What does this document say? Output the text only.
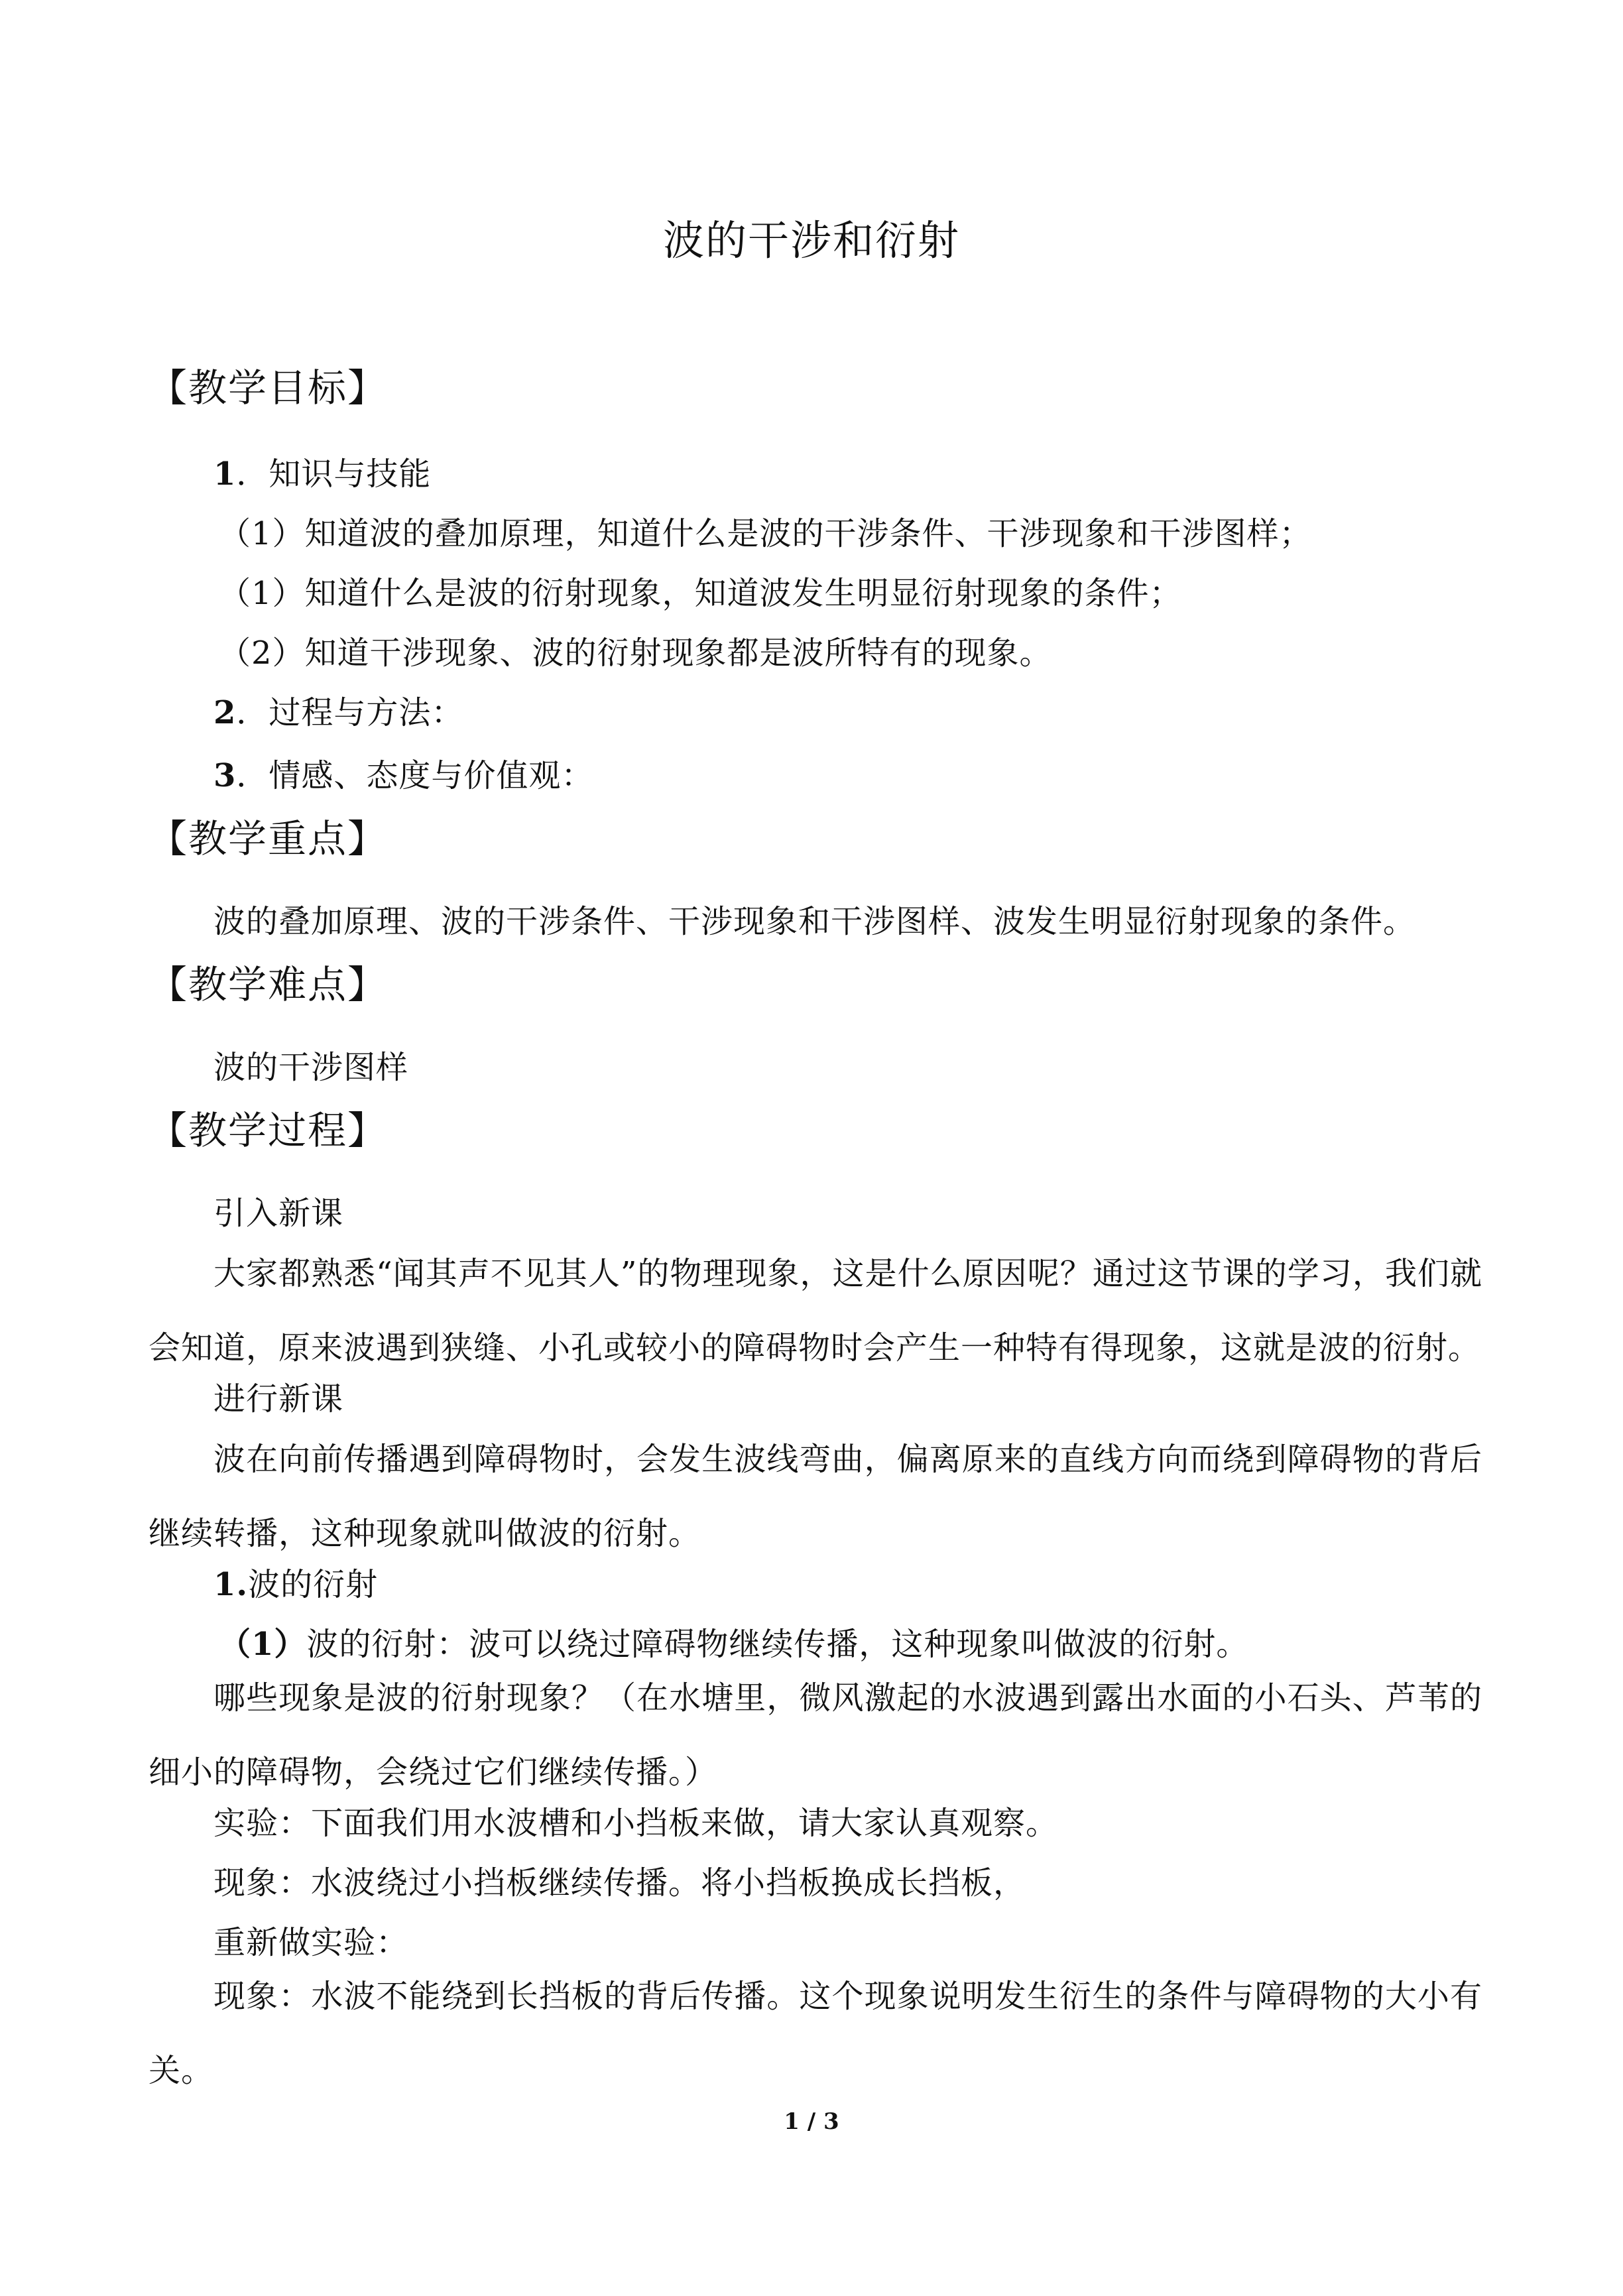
波的干涉和衍射
【教学目标】
1．知识与技能
（1）知道波的叠加原理，知道什么是波的干涉条件、干涉现象和干涉图样；
（1）知道什么是波的衍射现象，知道波发生明显衍射现象的条件；
（2）知道干涉现象、波的衍射现象都是波所特有的现象。
2．过程与方法：
3．情感、态度与价值观：
【教学重点】
波的叠加原理、波的干涉条件、干涉现象和干涉图样、波发生明显衍射现象的条件。
【教学难点】
波的干涉图样
【教学过程】
引入新课
大家都熟悉“闻其声不见其人”的物理现象，这是什么原因呢？通过这节课的学习，我们就会知道，原来波遇到狭缝、小孔或较小的障碍物时会产生一种特有得现象，这就是波的衍射。
进行新课
波在向前传播遇到障碍物时，会发生波线弯曲，偏离原来的直线方向而绕到障碍物的背后继续转播，这种现象就叫做波的衍射。
1.波的衍射
（1）波的衍射：波可以绕过障碍物继续传播，这种现象叫做波的衍射。
哪些现象是波的衍射现象？（在水塘里，微风激起的水波遇到露出水面的小石头、芦苇的细小的障碍物，会绕过它们继续传播。）
实验：下面我们用水波槽和小挡板来做，请大家认真观察。
现象：水波绕过小挡板继续传播。将小挡板换成长挡板，
重新做实验：
现象：水波不能绕到长挡板的背后传播。这个现象说明发生衍生的条件与障碍物的大小有关。
1 / 3
